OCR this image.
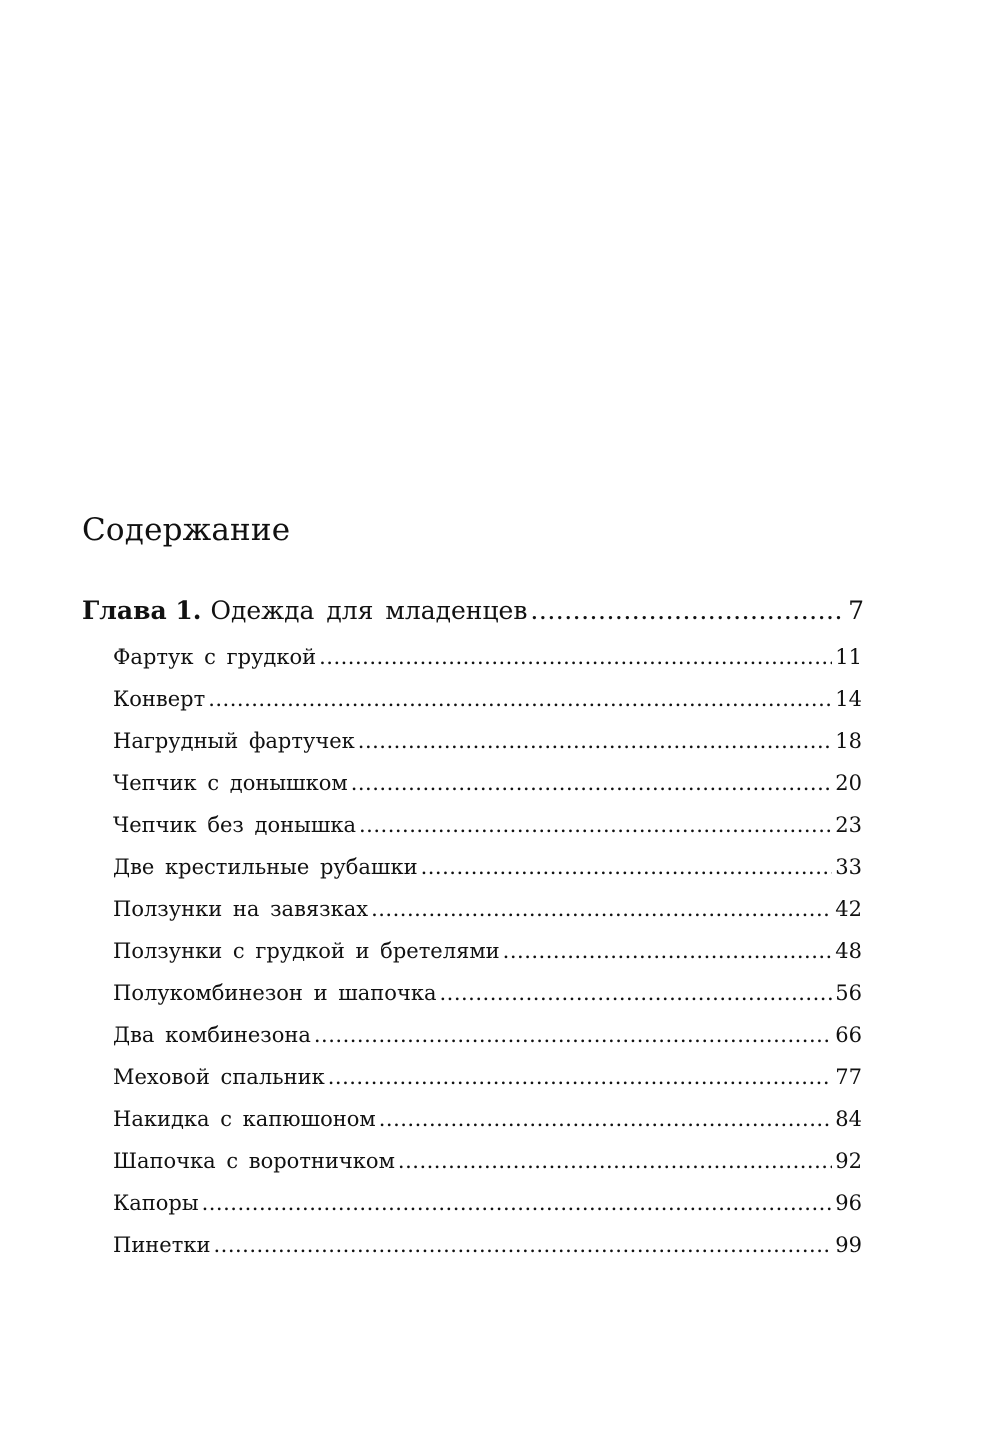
Содержание
Глава 1. Одежда для младенцев .....	7
Фартук с грудкой .....	11
Конверт .....	14
Нагрудный фартучек .....	18
Чепчик с донышком .....	20
Чепчик без донышка .....	23
Две крестильные рубашки .....	33
Ползунки на завязках .....	42
Ползунки с грудкой и бретелями .....	48
Полукомбинезон и шапочка .....	56
Два комбинезона .....	66
Меховой спальник .....	77
Накидка с капюшоном .....	84
Шапочка с воротничком .....	92
Капоры .....	96
Пинетки .....	99
